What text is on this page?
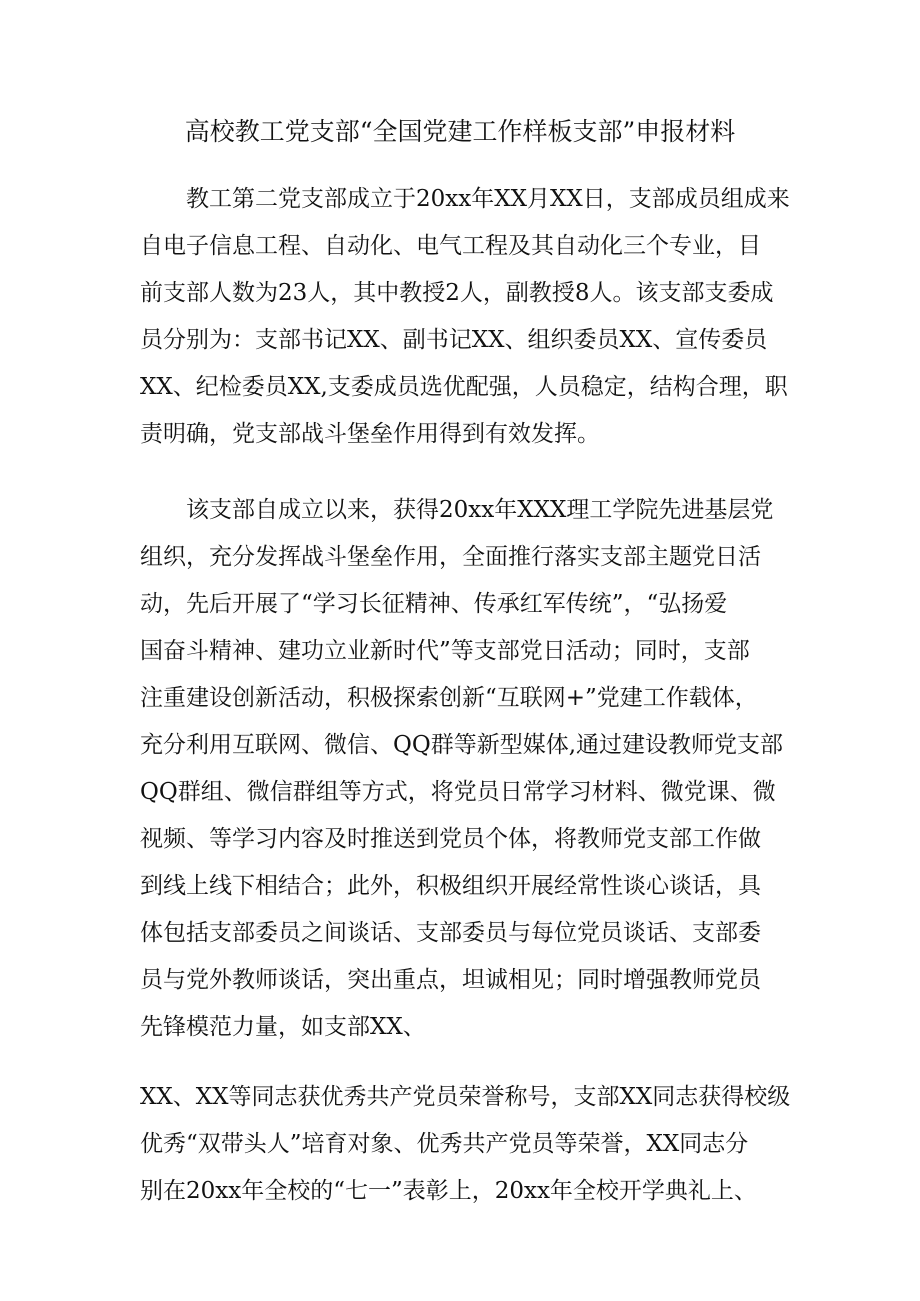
高校教工党支部“全国党建工作样板支部”申报材料
　　教工第二党支部成立于20xx年XX月XX日，支部成员组成来
自电子信息工程、自动化、电气工程及其自动化三个专业，目
前支部人数为23人，其中教授2人，副教授8人。该支部支委成
员分别为：支部书记XX、副书记XX、组织委员XX、宣传委员
XX、纪检委员XX,支委成员选优配强，人员稳定，结构合理，职
责明确，党支部战斗堡垒作用得到有效发挥。
　　该支部自成立以来，获得20xx年XXX理工学院先进基层党
组织，充分发挥战斗堡垒作用，全面推行落实支部主题党日活
动，先后开展了“学习长征精神、传承红军传统”，“弘扬爱
国奋斗精神、建功立业新时代”等支部党日活动；同时，支部
注重建设创新活动，积极探索创新“互联网+”党建工作载体，
充分利用互联网、微信、QQ群等新型媒体,通过建设教师党支部
QQ群组、微信群组等方式，将党员日常学习材料、微党课、微
视频、等学习内容及时推送到党员个体，将教师党支部工作做
到线上线下相结合；此外，积极组织开展经常性谈心谈话，具
体包括支部委员之间谈话、支部委员与每位党员谈话、支部委
员与党外教师谈话，突出重点，坦诚相见；同时增强教师党员
先锋模范力量，如支部XX、
XX、XX等同志获优秀共产党员荣誉称号，支部XX同志获得校级
优秀“双带头人”培育对象、优秀共产党员等荣誉，XX同志分
别在20xx年全校的“七一”表彰上，20xx年全校开学典礼上、
